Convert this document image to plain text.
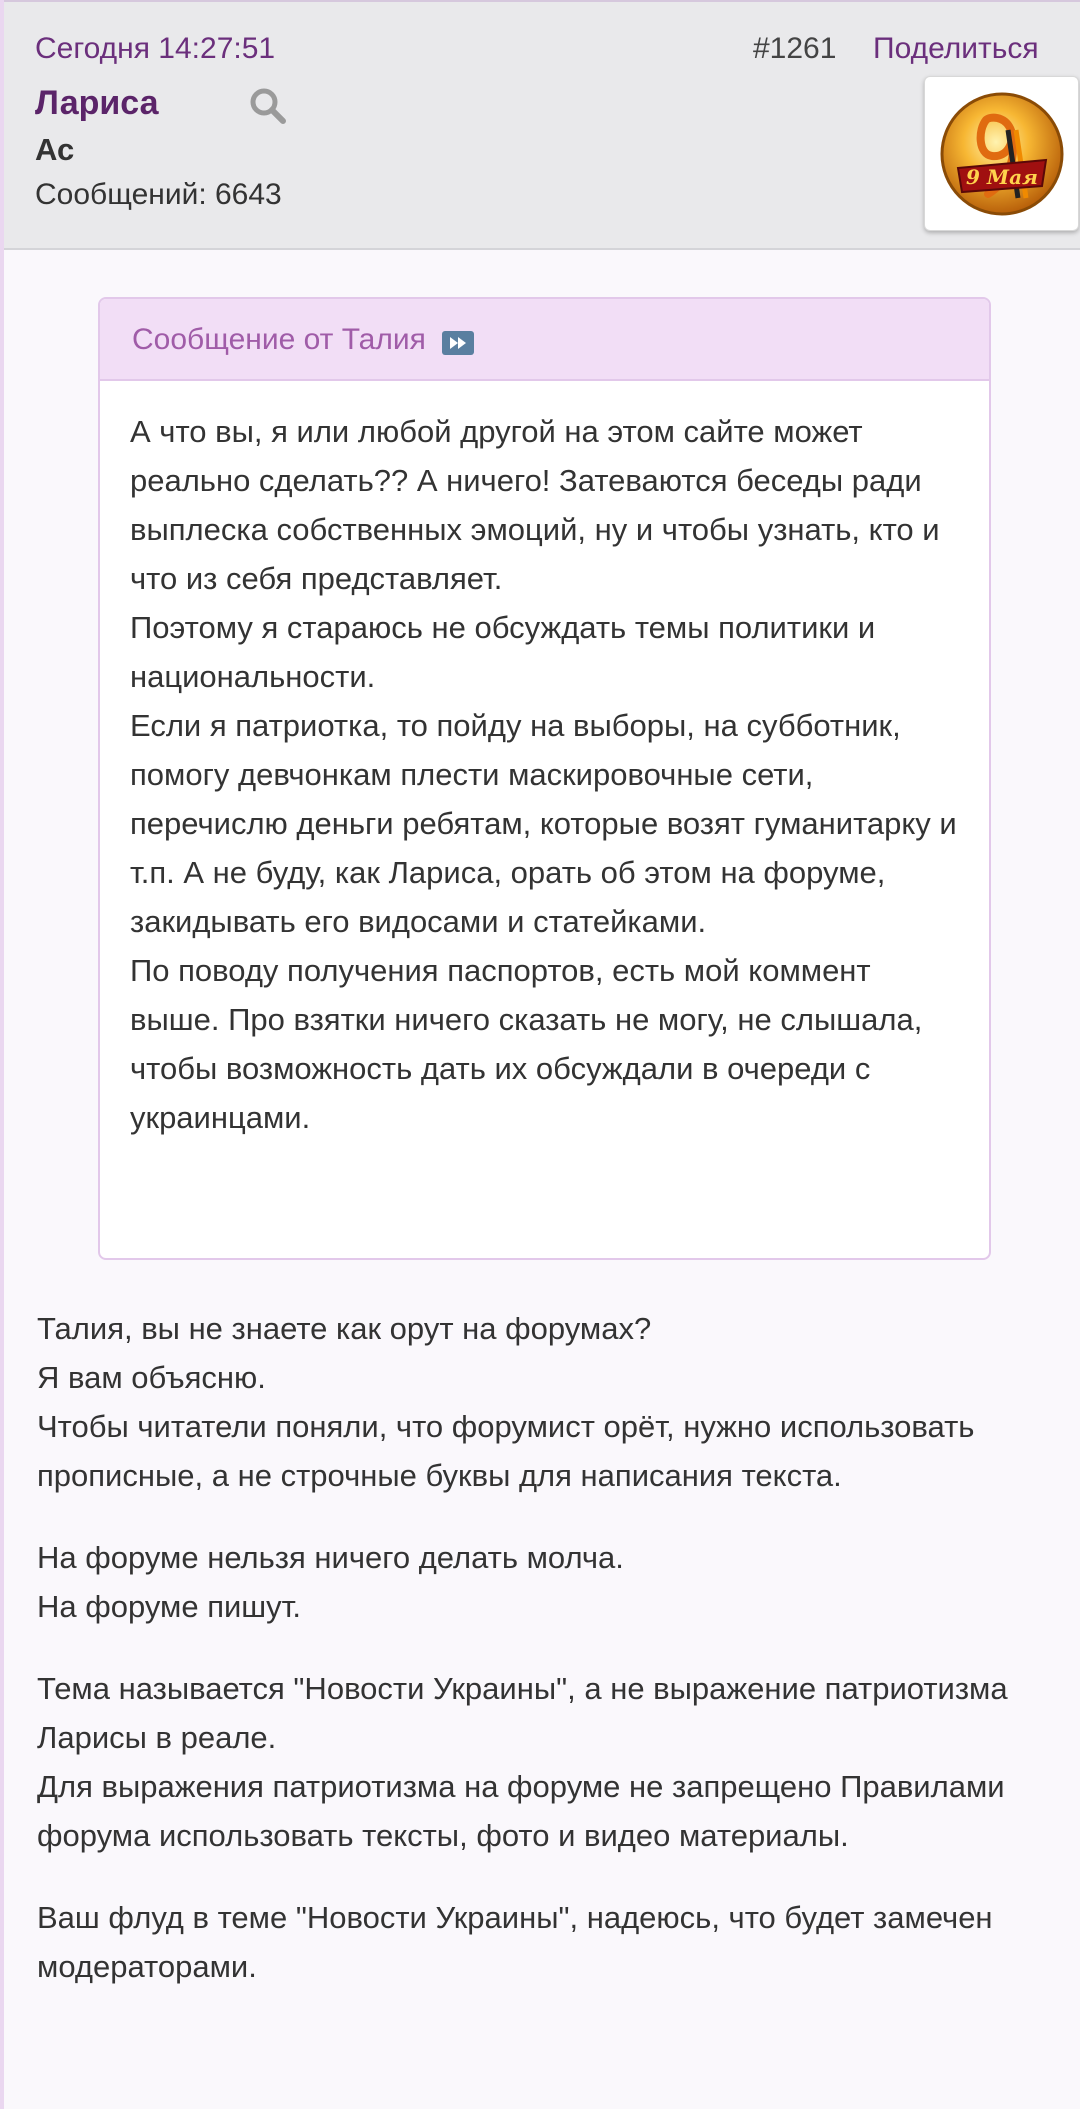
Сегодня 14:27:51	#1261 Поделиться
Лариса
Ас
Сообщений: 6643
9 Мая
Сообщение от Талия

А что вы, я или любой другой на этом сайте может реально сделать?? А ничего! Затеваются беседы ради выплеска собственных эмоций, ну и чтобы узнать, кто и что из себя представляет.

Поэтому я стараюсь не обсуждать темы политики и национальности.

Если я патриотка, то пойду на выборы, на субботник, помогу девчонкам плести маскировочные сети, перечислю деньги ребятам, которые возят гуманитарку и т.п. А не буду, как Лариса, орать об этом на форуме, закидывать его видосами и статейками.

По поводу получения паспортов, есть мой коммент выше. Про взятки ничего сказать не могу, не слышала, чтобы возможность дать их обсуждали в очереди с украинцами.

Талия, вы не знаете как орут на форумах?
Я вам объясню.
Чтобы читатели поняли, что форумист орёт, нужно использовать прописные, а не строчные буквы для написания текста.

На форуме нельзя ничего делать молча.
На форуме пишут.

Тема называется "Новости Украины", а не выражение патриотизма Ларисы в реале.
Для выражения патриотизма на форуме не запрещено Правилами форума использовать тексты, фото и видео материалы.

Ваш флуд в теме "Новости Украины", надеюсь, что будет замечен модераторами.
